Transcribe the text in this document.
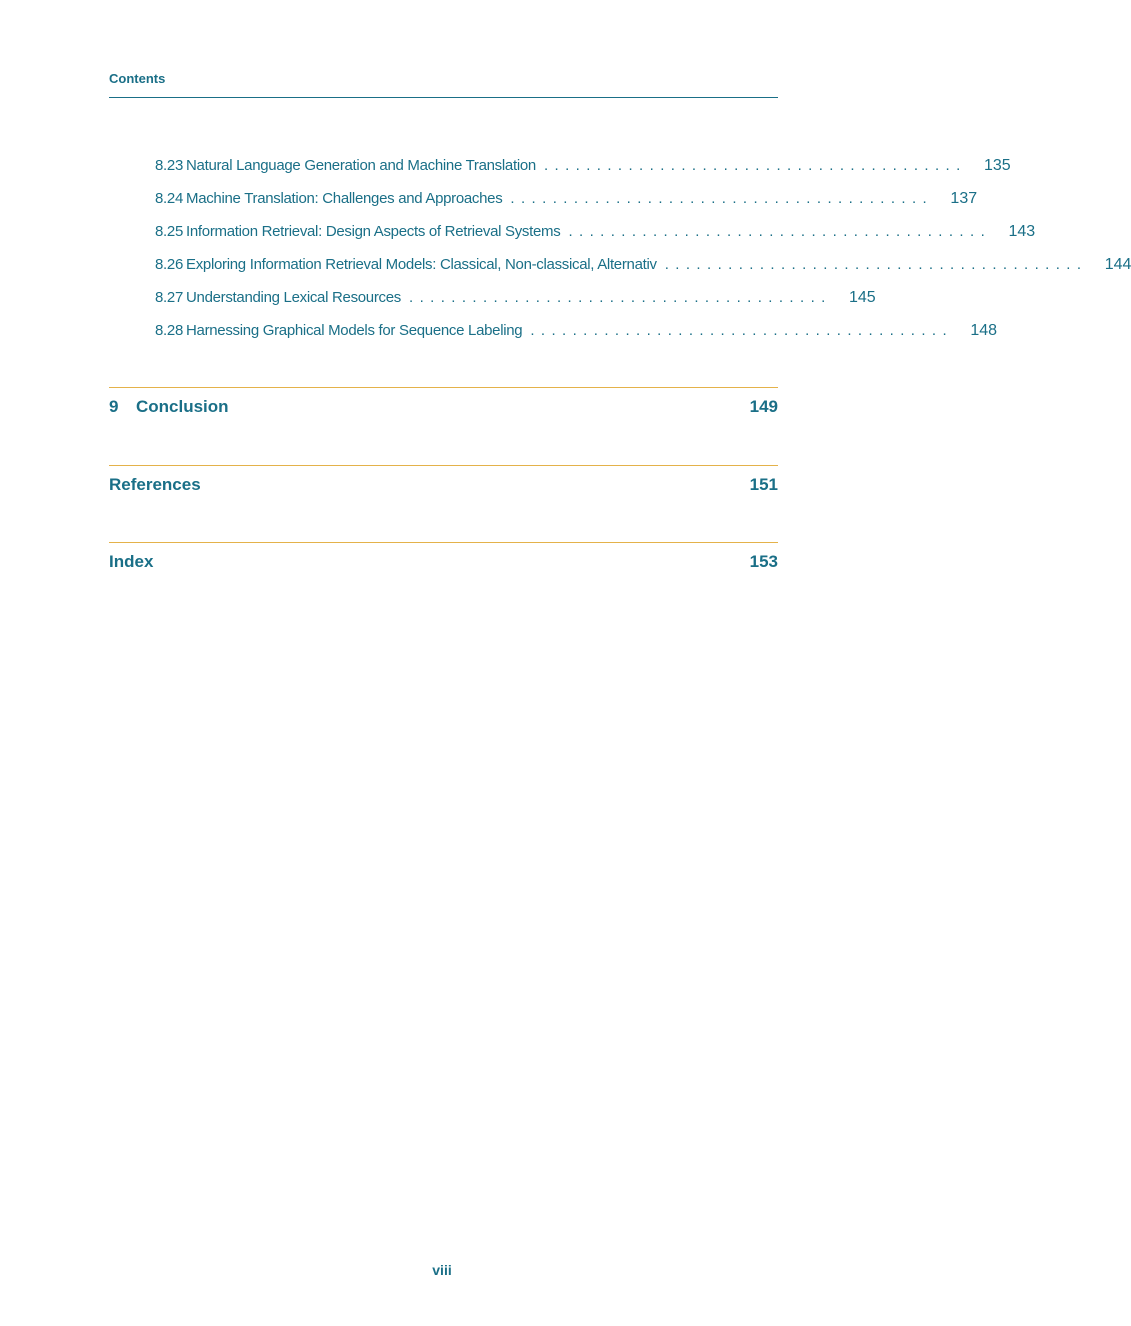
Contents
8.23 Natural Language Generation and Machine Translation ........................................ 135
8.24 Machine Translation: Challenges and Approaches ........................................ 137
8.25 Information Retrieval: Design Aspects of Retrieval Systems ........................................ 143
8.26 Exploring Information Retrieval Models: Classical, Non-classical, Alternativ ........................................ 144
8.27 Understanding Lexical Resources ........................................ 145
8.28 Harnessing Graphical Models for Sequence Labeling ........................................ 148
9	Conclusion	149
References	151
Index	153
viii
